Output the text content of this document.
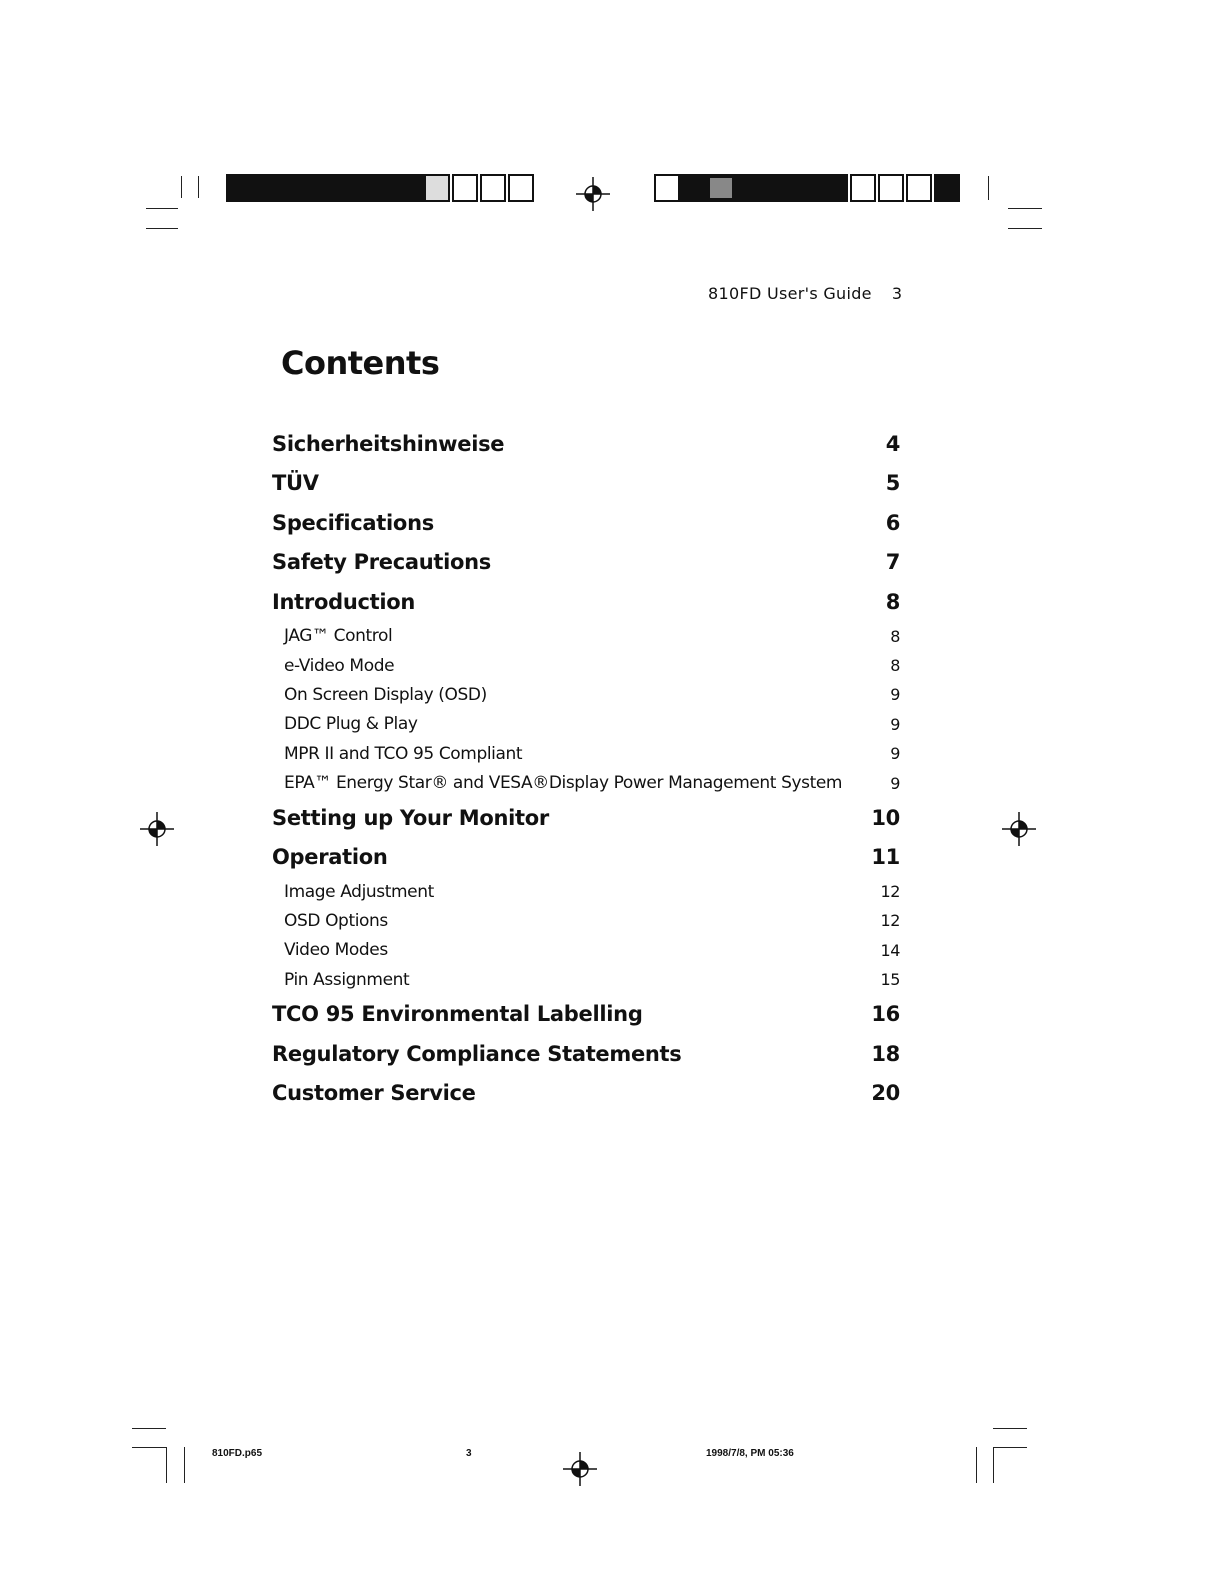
810FD User's Guide 3
Contents
Sicherheitshinweise	4
TÜV	5
Specifications	6
Safety Precautions	7
Introduction	8
JAG™ Control	8
e-Video Mode	8
On Screen Display (OSD)	9
DDC Plug & Play	9
MPR II and TCO 95 Compliant	9
EPA™ Energy Star® and VESA®Display Power Management System	9
Setting up Your Monitor	10
Operation	11
Image Adjustment	12
OSD Options	12
Video Modes	14
Pin Assignment	15
TCO 95 Environmental Labelling	16
Regulatory Compliance Statements	18
Customer Service	20
810FD.p65	3	1998/7/8, PM 05:36
